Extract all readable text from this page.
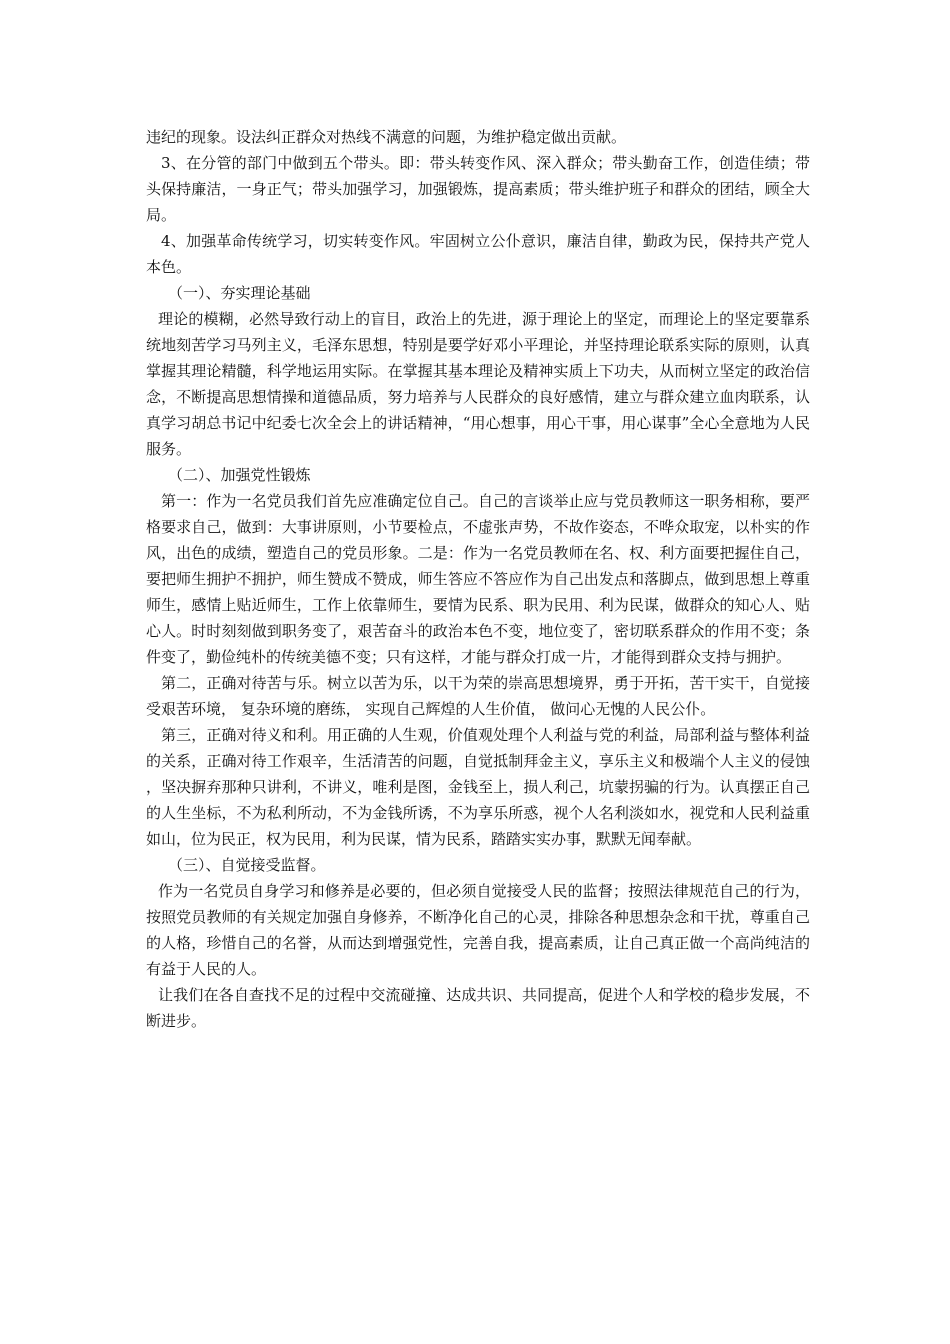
违纪的现象。设法纠正群众对热线不满意的问题，为维护稳定做出贡献。

3、在分管的部门中做到五个带头。即：带头转变作风、深入群众；带头勤奋工作，创造佳绩；带头保持廉洁，一身正气；带头加强学习，加强锻炼，提高素质；带头维护班子和群众的团结，顾全大局。

4、加强革命传统学习，切实转变作风。牢固树立公仆意识，廉洁自律，勤政为民，保持共产党人本色。

（一）、夯实理论基础

理论的模糊，必然导致行动上的盲目，政治上的先进，源于理论上的坚定，而理论上的坚定要靠系统地刻苦学习马列主义，毛泽东思想，特别是要学好邓小平理论，并坚持理论联系实际的原则，认真掌握其理论精髓，科学地运用实际。在掌握其基本理论及精神实质上下功夫，从而树立坚定的政治信念，不断提高思想情操和道德品质，努力培养与人民群众的良好感情，建立与群众建立血肉联系，认真学习胡总书记中纪委七次全会上的讲话精神，“用心想事，用心干事，用心谋事”全心全意地为人民服务。

（二）、加强党性锻炼

第一：作为一名党员我们首先应准确定位自己。自己的言谈举止应与党员教师这一职务相称，要严格要求自己，做到：大事讲原则，小节要检点，不虚张声势，不故作姿态，不哗众取宠，以朴实的作风，出色的成绩，塑造自己的党员形象。二是：作为一名党员教师在名、权、利方面要把握住自己，要把师生拥护不拥护，师生赞成不赞成，师生答应不答应作为自己出发点和落脚点，做到思想上尊重师生，感情上贴近师生，工作上依靠师生，要情为民系、职为民用、利为民谋，做群众的知心人、贴心人。时时刻刻做到职务变了，艰苦奋斗的政治本色不变，地位变了，密切联系群众的作用不变；条件变了，勤俭纯朴的传统美德不变；只有这样，才能与群众打成一片，才能得到群众支持与拥护。

第二，正确对待苦与乐。树立以苦为乐，以干为荣的崇高思想境界，勇于开拓，苦干实干，自觉接受艰苦环境， 复杂环境的磨练， 实现自己辉煌的人生价值， 做问心无愧的人民公仆。

第三，正确对待义和利。用正确的人生观，价值观处理个人利益与党的利益，局部利益与整体利益的关系，正确对待工作艰辛，生活清苦的问题，自觉抵制拜金主义，享乐主义和极端个人主义的侵蚀，坚决摒弃那种只讲利，不讲义，唯利是图，金钱至上，损人利己，坑蒙拐骗的行为。认真摆正自己的人生坐标，不为私利所动，不为金钱所诱，不为享乐所惑，视个人名利淡如水，视党和人民利益重如山，位为民正，权为民用，利为民谋，情为民系，踏踏实实办事，默默无闻奉献。

（三）、自觉接受监督。

作为一名党员自身学习和修养是必要的，但必须自觉接受人民的监督；按照法律规范自己的行为，按照党员教师的有关规定加强自身修养，不断净化自己的心灵，排除各种思想杂念和干扰，尊重自己的人格，珍惜自己的名誉，从而达到增强党性，完善自我，提高素质，让自己真正做一个高尚纯洁的有益于人民的人。

让我们在各自查找不足的过程中交流碰撞、达成共识、共同提高，促进个人和学校的稳步发展，不断进步。
